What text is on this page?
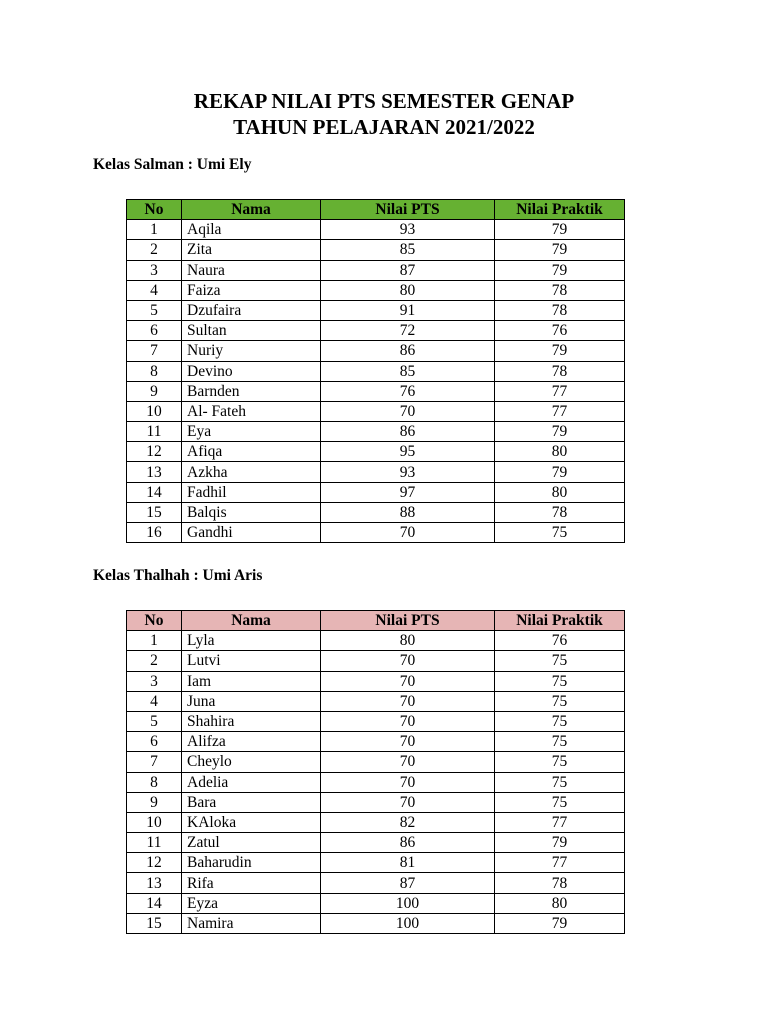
REKAP NILAI PTS SEMESTER GENAP
TAHUN PELAJARAN 2021/2022
Kelas Salman : Umi Ely
No	Nama	Nilai PTS	Nilai Praktik
1	Aqila	93	79
2	Zita	85	79
3	Naura	87	79
4	Faiza	80	78
5	Dzufaira	91	78
6	Sultan	72	76
7	Nuriy	86	79
8	Devino	85	78
9	Barnden	76	77
10	Al- Fateh	70	77
11	Eya	86	79
12	Afiqa	95	80
13	Azkha	93	79
14	Fadhil	97	80
15	Balqis	88	78
16	Gandhi	70	75
Kelas Thalhah : Umi Aris
No	Nama	Nilai PTS	Nilai Praktik
1	Lyla	80	76
2	Lutvi	70	75
3	Iam	70	75
4	Juna	70	75
5	Shahira	70	75
6	Alifza	70	75
7	Cheylo	70	75
8	Adelia	70	75
9	Bara	70	75
10	KAloka	82	77
11	Zatul	86	79
12	Baharudin	81	77
13	Rifa	87	78
14	Eyza	100	80
15	Namira	100	79
